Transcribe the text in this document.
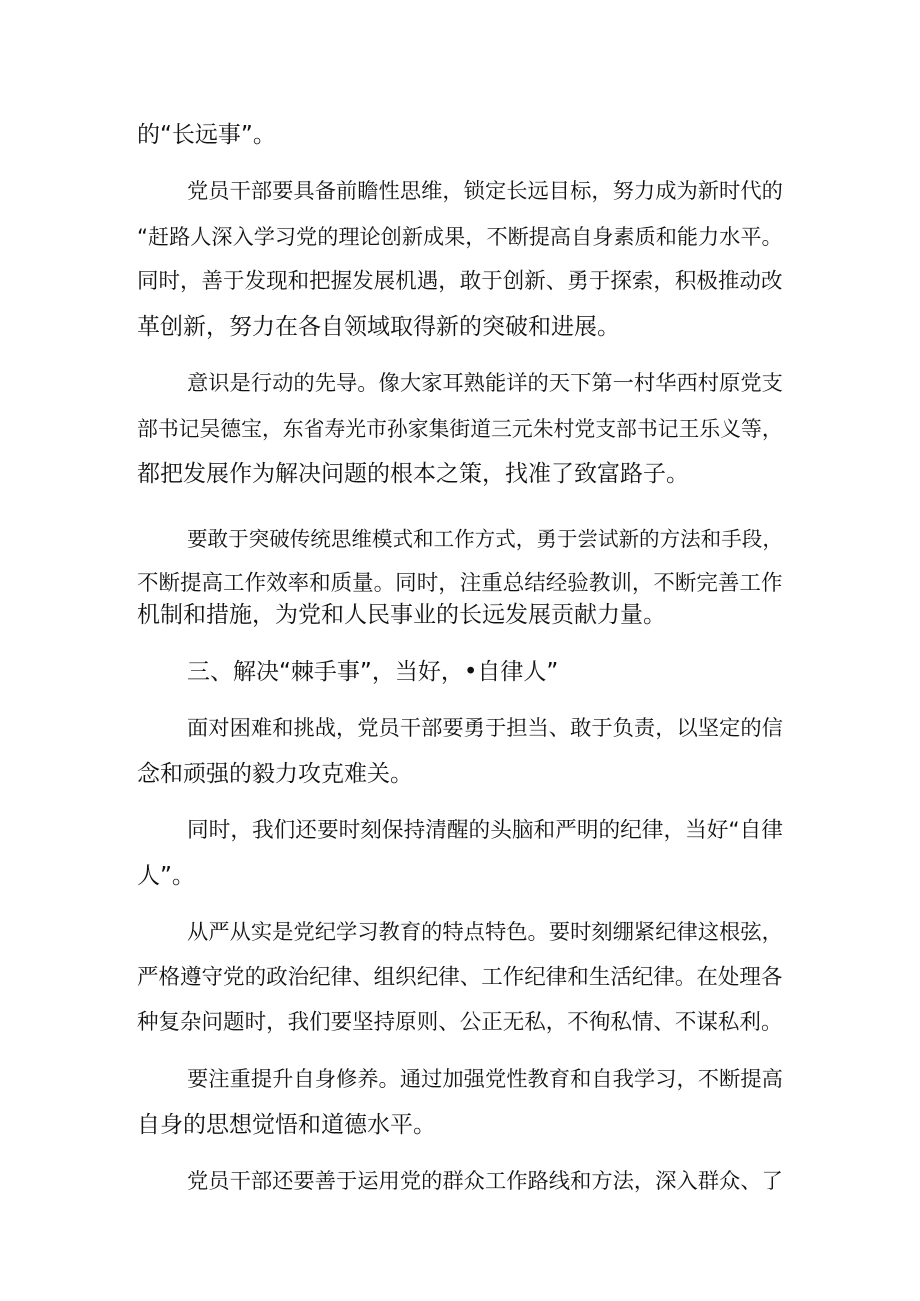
的“长远事”。
党员干部要具备前瞻性思维，锁定长远目标，努力成为新时代的
“赶路人深入学习党的理论创新成果，不断提高自身素质和能力水平。
同时，善于发现和把握发展机遇，敢于创新、勇于探索，积极推动改
革创新，努力在各自领域取得新的突破和进展。
意识是行动的先导。像大家耳熟能详的天下第一村华西村原党支
部书记吴德宝，东省寿光市孙家集街道三元朱村党支部书记王乐义等，
都把发展作为解决问题的根本之策，找准了致富路子。
要敢于突破传统思维模式和工作方式，勇于尝试新的方法和手段，
不断提高工作效率和质量。同时，注重总结经验教训，不断完善工作
机制和措施，为党和人民事业的长远发展贡献力量。
三、解决“棘手事”，当好，•自律人”
面对困难和挑战，党员干部要勇于担当、敢于负责，以坚定的信
念和顽强的毅力攻克难关。
同时，我们还要时刻保持清醒的头脑和严明的纪律，当好“自律
人”。
从严从实是党纪学习教育的特点特色。要时刻绷紧纪律这根弦，
严格遵守党的政治纪律、组织纪律、工作纪律和生活纪律。在处理各
种复杂问题时，我们要坚持原则、公正无私，不徇私情、不谋私利。
要注重提升自身修养。通过加强党性教育和自我学习，不断提高
自身的思想觉悟和道德水平。
党员干部还要善于运用党的群众工作路线和方法，深入群众、了
